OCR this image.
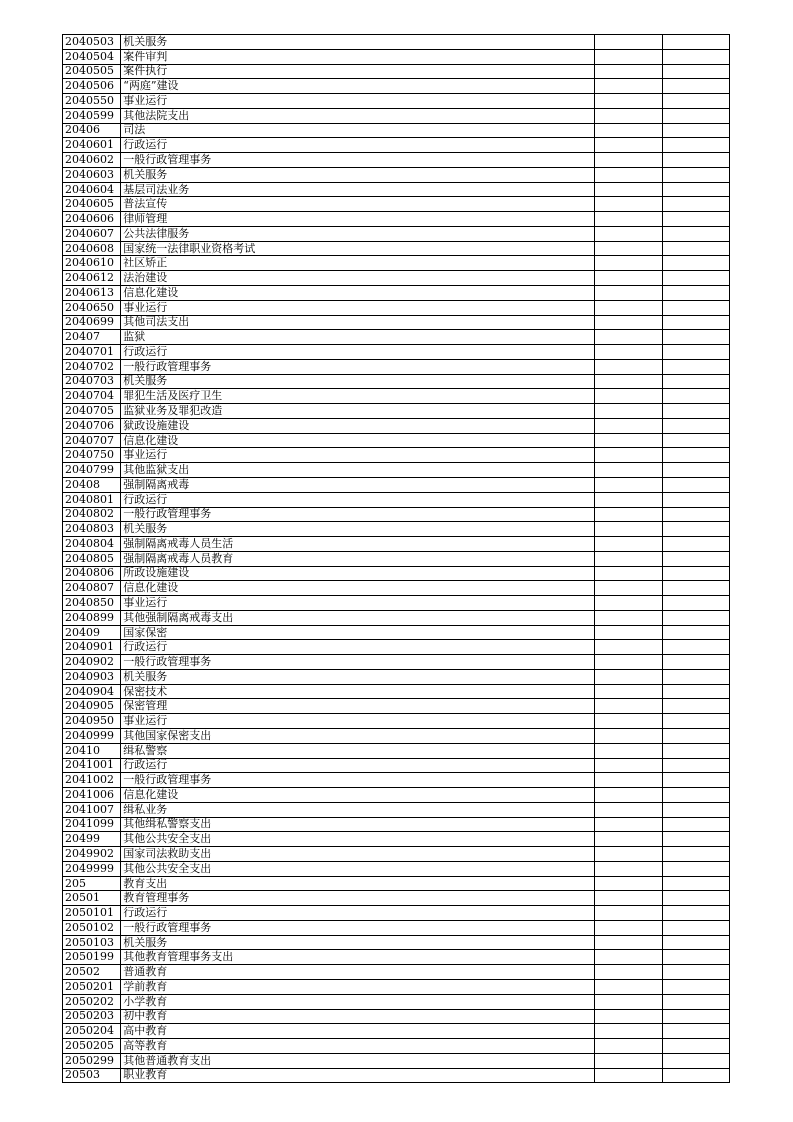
2040503	机关服务		
2040504	案件审判		
2040505	案件执行		
2040506	“两庭”建设		
2040550	事业运行		
2040599	其他法院支出		
20406	司法		
2040601	行政运行		
2040602	一般行政管理事务		
2040603	机关服务		
2040604	基层司法业务		
2040605	普法宣传		
2040606	律师管理		
2040607	公共法律服务		
2040608	国家统一法律职业资格考试		
2040610	社区矫正		
2040612	法治建设		
2040613	信息化建设		
2040650	事业运行		
2040699	其他司法支出		
20407	监狱		
2040701	行政运行		
2040702	一般行政管理事务		
2040703	机关服务		
2040704	罪犯生活及医疗卫生		
2040705	监狱业务及罪犯改造		
2040706	狱政设施建设		
2040707	信息化建设		
2040750	事业运行		
2040799	其他监狱支出		
20408	强制隔离戒毒		
2040801	行政运行		
2040802	一般行政管理事务		
2040803	机关服务		
2040804	强制隔离戒毒人员生活		
2040805	强制隔离戒毒人员教育		
2040806	所政设施建设		
2040807	信息化建设		
2040850	事业运行		
2040899	其他强制隔离戒毒支出		
20409	国家保密		
2040901	行政运行		
2040902	一般行政管理事务		
2040903	机关服务		
2040904	保密技术		
2040905	保密管理		
2040950	事业运行		
2040999	其他国家保密支出		
20410	缉私警察		
2041001	行政运行		
2041002	一般行政管理事务		
2041006	信息化建设		
2041007	缉私业务		
2041099	其他缉私警察支出		
20499	其他公共安全支出		
2049902	国家司法救助支出		
2049999	其他公共安全支出		
205	教育支出		
20501	教育管理事务		
2050101	行政运行		
2050102	一般行政管理事务		
2050103	机关服务		
2050199	其他教育管理事务支出		
20502	普通教育		
2050201	学前教育		
2050202	小学教育		
2050203	初中教育		
2050204	高中教育		
2050205	高等教育		
2050299	其他普通教育支出		
20503	职业教育		
